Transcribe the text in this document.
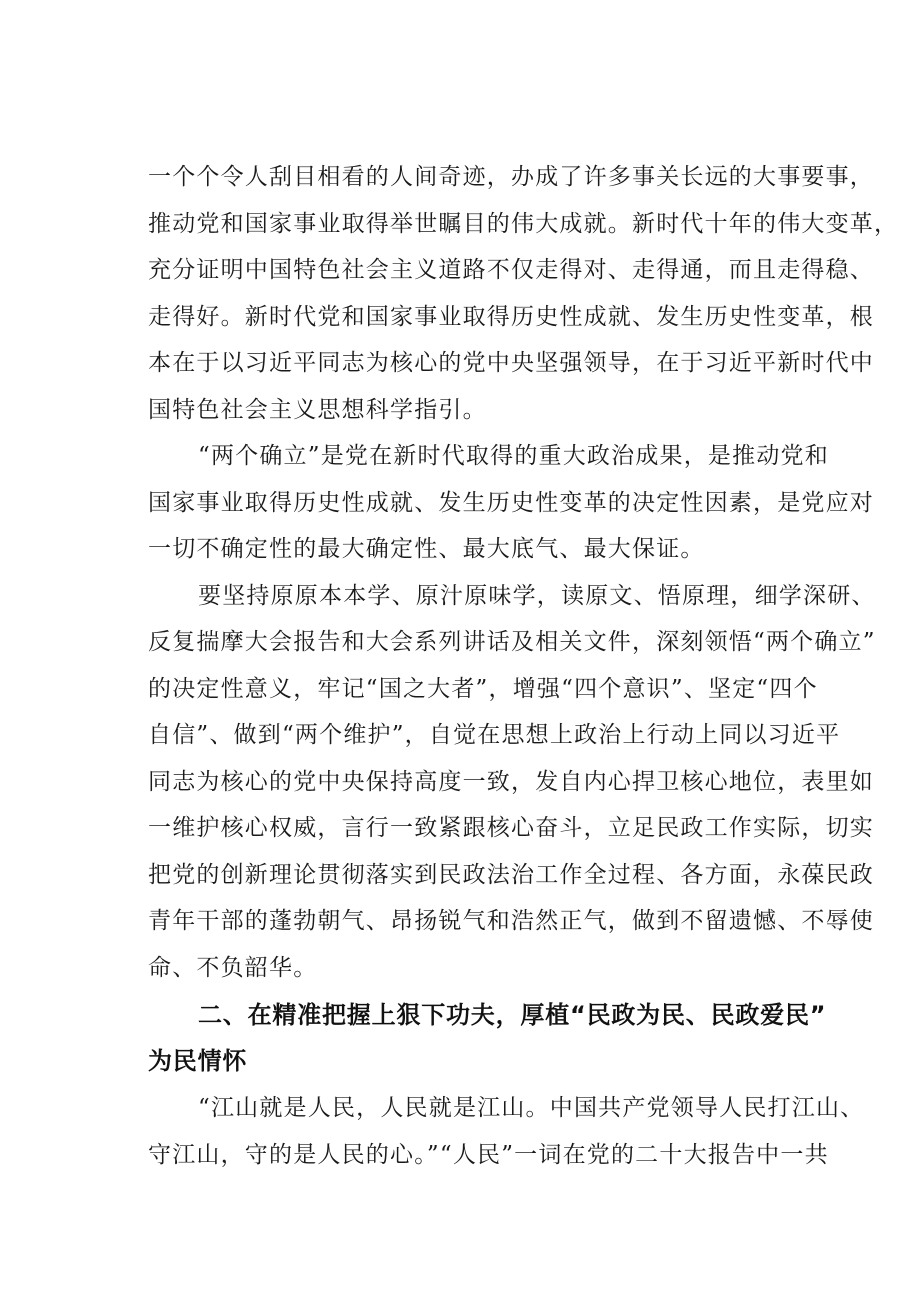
一个个令人刮目相看的人间奇迹，办成了许多事关长远的大事要事，
推动党和国家事业取得举世瞩目的伟大成就。新时代十年的伟大变革，
充分证明中国特色社会主义道路不仅走得对、走得通，而且走得稳、
走得好。新时代党和国家事业取得历史性成就、发生历史性变革，根
本在于以习近平同志为核心的党中央坚强领导，在于习近平新时代中
国特色社会主义思想科学指引。
“两个确立”是党在新时代取得的重大政治成果，是推动党和
国家事业取得历史性成就、发生历史性变革的决定性因素，是党应对
一切不确定性的最大确定性、最大底气、最大保证。
要坚持原原本本学、原汁原味学，读原文、悟原理，细学深研、
反复揣摩大会报告和大会系列讲话及相关文件，深刻领悟“两个确立”
的决定性意义，牢记“国之大者”，增强“四个意识”、坚定“四个
自信”、做到“两个维护”，自觉在思想上政治上行动上同以习近平
同志为核心的党中央保持高度一致，发自内心捍卫核心地位，表里如
一维护核心权威，言行一致紧跟核心奋斗，立足民政工作实际，切实
把党的创新理论贯彻落实到民政法治工作全过程、各方面，永葆民政
青年干部的蓬勃朝气、昂扬锐气和浩然正气，做到不留遗憾、不辱使
命、不负韶华。
二、在精准把握上狠下功夫，厚植“民政为民、民政爱民”
为民情怀
“江山就是人民，人民就是江山。中国共产党领导人民打江山、
守江山，守的是人民的心。”“人民”一词在党的二十大报告中一共
